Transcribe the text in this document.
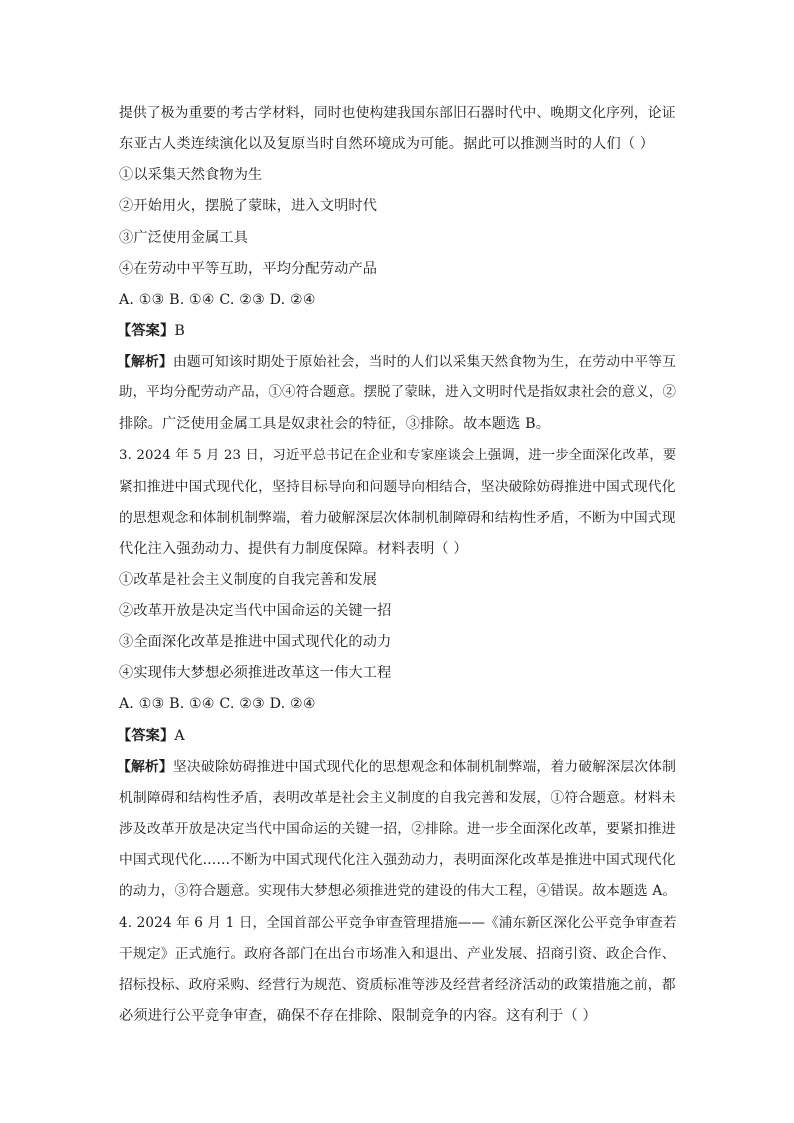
提供了极为重要的考古学材料，同时也使构建我国东部旧石器时代中、晚期文化序列，论证
东亚古人类连续演化以及复原当时自然环境成为可能。据此可以推测当时的人们（ ）
①以采集天然食物为生
②开始用火，摆脱了蒙昧，进入文明时代
③广泛使用金属工具
④在劳动中平等互助，平均分配劳动产品
A. ①③ B. ①④ C. ②③ D. ②④
【答案】B
【解析】由题可知该时期处于原始社会，当时的人们以采集天然食物为生，在劳动中平等互
助，平均分配劳动产品，①④符合题意。摆脱了蒙昧，进入文明时代是指奴隶社会的意义，②
排除。广泛使用金属工具是奴隶社会的特征，③排除。故本题选 B。
3. 2024 年 5 月 23 日，习近平总书记在企业和专家座谈会上强调，进一步全面深化改革，要
紧扣推进中国式现代化，坚持目标导向和问题导向相结合，坚决破除妨碍推进中国式现代化
的思想观念和体制机制弊端，着力破解深层次体制机制障碍和结构性矛盾，不断为中国式现
代化注入强劲动力、提供有力制度保障。材料表明（ ）
①改革是社会主义制度的自我完善和发展
②改革开放是决定当代中国命运的关键一招
③全面深化改革是推进中国式现代化的动力
④实现伟大梦想必须推进改革这一伟大工程
A. ①③ B. ①④ C. ②③ D. ②④
【答案】A
【解析】坚决破除妨碍推进中国式现代化的思想观念和体制机制弊端，着力破解深层次体制
机制障碍和结构性矛盾，表明改革是社会主义制度的自我完善和发展，①符合题意。材料未
涉及改革开放是决定当代中国命运的关键一招，②排除。进一步全面深化改革，要紧扣推进
中国式现代化……不断为中国式现代化注入强劲动力，表明面深化改革是推进中国式现代化
的动力，③符合题意。实现伟大梦想必须推进党的建设的伟大工程，④错误。故本题选 A。
4. 2024 年 6 月 1 日，全国首部公平竞争审查管理措施——《浦东新区深化公平竞争审查若
干规定》正式施行。政府各部门在出台市场准入和退出、产业发展、招商引资、政企合作、
招标投标、政府采购、经营行为规范、资质标准等涉及经营者经济活动的政策措施之前，都
必须进行公平竞争审查，确保不存在排除、限制竞争的内容。这有利于（ ）
